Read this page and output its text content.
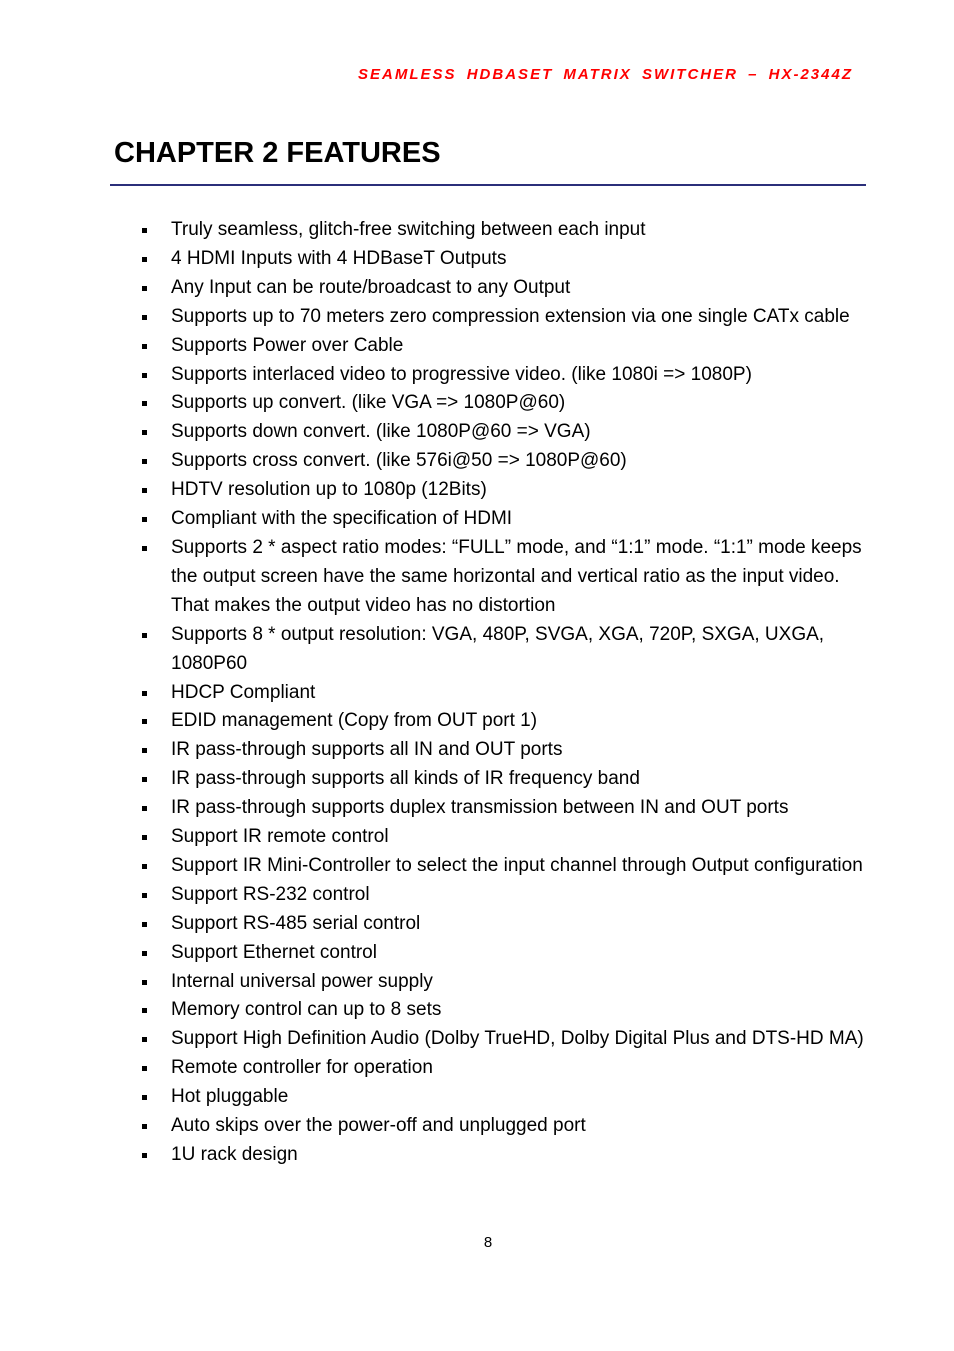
SEAMLESS HDBASET MATRIX SWITCHER – HX-2344Z
CHAPTER 2 FEATURES
Truly seamless, glitch-free switching between each input
4 HDMI Inputs with 4 HDBaseT Outputs
Any Input can be route/broadcast to any Output
Supports up to 70 meters zero compression extension via one single CATx cable
Supports Power over Cable
Supports interlaced video to progressive video. (like 1080i => 1080P)
Supports up convert. (like VGA => 1080P@60)
Supports down convert. (like 1080P@60 => VGA)
Supports cross convert. (like 576i@50 => 1080P@60)
HDTV resolution up to 1080p (12Bits)
Compliant with the specification of HDMI
Supports 2 * aspect ratio modes: “FULL” mode, and “1:1” mode. “1:1” mode keeps the output screen have the same horizontal and vertical ratio as the input video. That makes the output video has no distortion
Supports 8 * output resolution: VGA, 480P, SVGA, XGA, 720P, SXGA, UXGA, 1080P60
HDCP Compliant
EDID management (Copy from OUT port 1)
IR pass-through supports all IN and OUT ports
IR pass-through supports all kinds of IR frequency band
IR pass-through supports duplex transmission between IN and OUT ports
Support IR remote control
Support IR Mini-Controller to select the input channel through Output configuration
Support RS-232 control
Support RS-485 serial control
Support Ethernet control
Internal universal power supply
Memory control can up to 8 sets
Support High Definition Audio (Dolby TrueHD, Dolby Digital Plus and DTS-HD MA)
Remote controller for operation
Hot pluggable
Auto skips over the power-off and unplugged port
1U rack design
8
